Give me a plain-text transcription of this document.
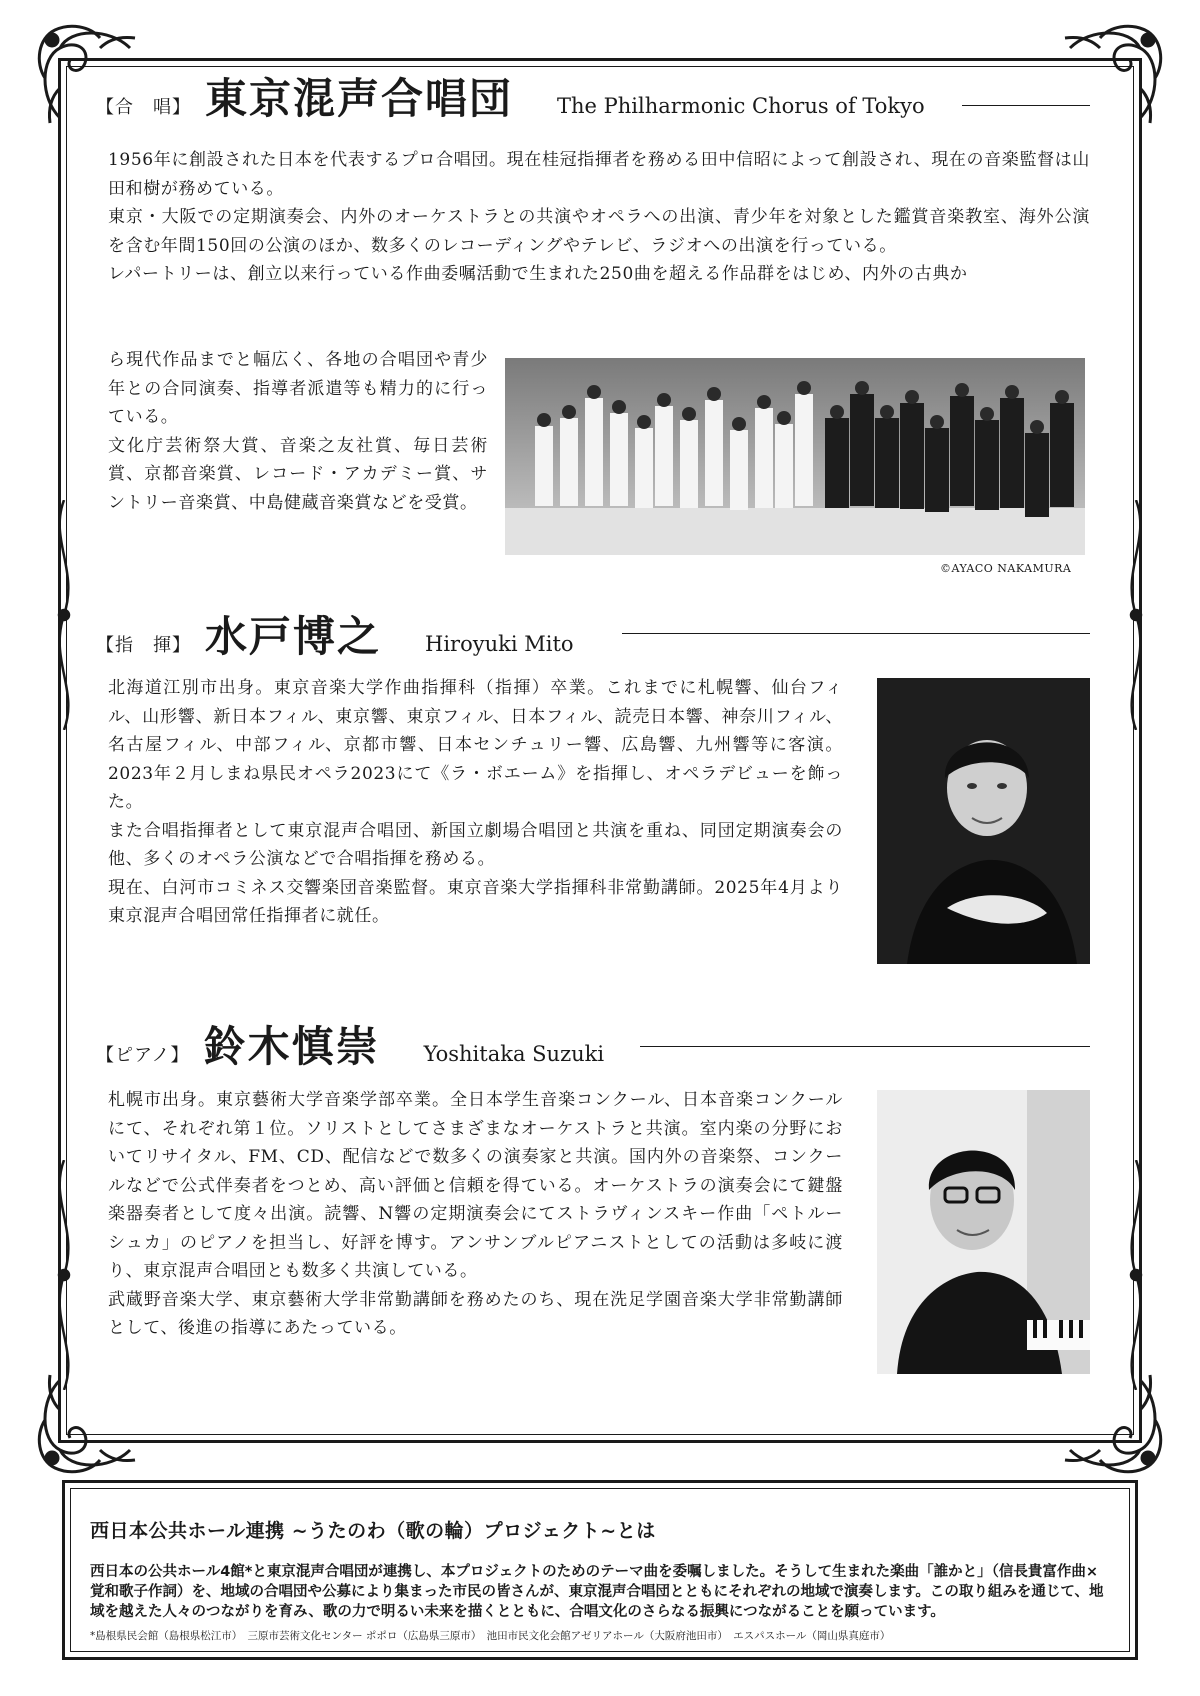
【合　唱】 東京混声合唱団 The Philharmonic Chorus of Tokyo

1956年に創設された日本を代表するプロ合唱団。現在桂冠指揮者を務める田中信昭によって創設され、現在の音楽監督は山田和樹が務めている。

東京・大阪での定期演奏会、内外のオーケストラとの共演やオペラへの出演、青少年を対象とした鑑賞音楽教室、海外公演を含む年間150回の公演のほか、数多くのレコーディングやテレビ、ラジオへの出演を行っている。

レパートリーは、創立以来行っている作曲委嘱活動で生まれた250曲を超える作品群をはじめ、内外の古典か

ら現代作品までと幅広く、各地の合唱団や青少年との合同演奏、指導者派遣等も精力的に行っている。

文化庁芸術祭大賞、音楽之友社賞、毎日芸術賞、京都音楽賞、レコード・アカデミー賞、サントリー音楽賞、中島健蔵音楽賞などを受賞。

©AYACO NAKAMURA
【指　揮】 水戸博之 Hiroyuki Mito

北海道江別市出身。東京音楽大学作曲指揮科（指揮）卒業。これまでに札幌響、仙台フィル、山形響、新日本フィル、東京響、東京フィル、日本フィル、読売日本響、神奈川フィル、名古屋フィル、中部フィル、京都市響、日本センチュリー響、広島響、九州響等に客演。2023年２月しまね県民オペラ2023にて《ラ・ボエーム》を指揮し、オペラデビューを飾った。

また合唱指揮者として東京混声合唱団、新国立劇場合唱団と共演を重ね、同団定期演奏会の他、多くのオペラ公演などで合唱指揮を務める。

現在、白河市コミネス交響楽団音楽監督。東京音楽大学指揮科非常勤講師。2025年4月より東京混声合唱団常任指揮者に就任。

【ピアノ】 鈴木慎崇 Yoshitaka Suzuki

札幌市出身。東京藝術大学音楽学部卒業。全日本学生音楽コンクール、日本音楽コンクールにて、それぞれ第１位。ソリストとしてさまざまなオーケストラと共演。室内楽の分野においてリサイタル、FM、CD、配信などで数多くの演奏家と共演。国内外の音楽祭、コンクールなどで公式伴奏者をつとめ、高い評価と信頼を得ている。オーケストラの演奏会にて鍵盤楽器奏者として度々出演。読響、N響の定期演奏会にてストラヴィンスキー作曲「ペトルーシュカ」のピアノを担当し、好評を博す。アンサンブルピアニストとしての活動は多岐に渡り、東京混声合唱団とも数多く共演している。

武蔵野音楽大学、東京藝術大学非常勤講師を務めたのち、現在洗足学園音楽大学非常勤講師として、後進の指導にあたっている。

西日本公共ホール連携 ~うたのわ（歌の輪）プロジェクト~とは
西日本の公共ホール4館*と東京混声合唱団が連携し、本プロジェクトのためのテーマ曲を委嘱しました。そうして生まれた楽曲「誰かと」（信長貴富作曲×覚和歌子作詞）を、地域の合唱団や公募により集まった市民の皆さんが、東京混声合唱団とともにそれぞれの地域で演奏します。この取り組みを通じて、地域を越えた人々のつながりを育み、歌の力で明るい未来を描くとともに、合唱文化のさらなる振興につながることを願っています。
*島根県民会館（島根県松江市）　三原市芸術文化センター ポポロ（広島県三原市）　池田市民文化会館アゼリアホール（大阪府池田市）　エスパスホール（岡山県真庭市）
